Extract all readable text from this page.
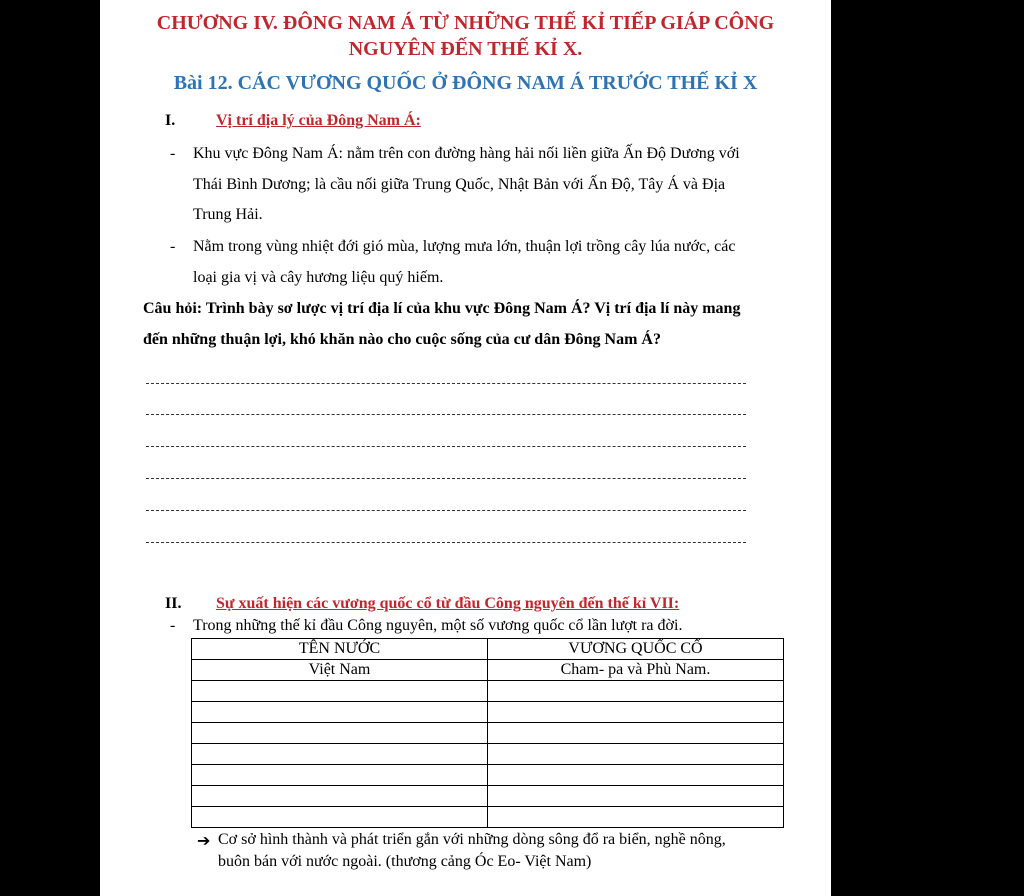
CHƯƠNG IV. ĐÔNG NAM Á TỪ NHỮNG THẾ KỈ TIẾP GIÁP CÔNG
NGUYÊN ĐẾN THẾ KỈ X.
Bài 12. CÁC VƯƠNG QUỐC Ở ĐÔNG NAM Á TRƯỚC THẾ KỈ X
I.	Vị trí địa lý của Đông Nam Á:
- Khu vực Đông Nam Á: nằm trên con đường hàng hải nối liền giữa Ấn Độ Dương với
Thái Bình Dương; là cầu nối giữa Trung Quốc, Nhật Bản với Ấn Độ, Tây Á và Địa
Trung Hải.
- Nằm trong vùng nhiệt đới gió mùa, lượng mưa lớn, thuận lợi trồng cây lúa nước, các
loại gia vị và cây hương liệu quý hiếm.
Câu hỏi: Trình bày sơ lược vị trí địa lí của khu vực Đông Nam Á? Vị trí địa lí này mang
đến những thuận lợi, khó khăn nào cho cuộc sống của cư dân Đông Nam Á?
II. Sự xuất hiện các vương quốc cổ từ đầu Công nguyên đến thế kỉ VII:
- Trong những thế kỉ đầu Công nguyên, một số vương quốc cổ lần lượt ra đời.
TÊN NƯỚC	VƯƠNG QUỐC CỔ
Việt Nam	Cham- pa và Phù Nam.

➔ Cơ sở hình thành và phát triển gắn với những dòng sông đổ ra biển, nghề nông,
buôn bán với nước ngoài. (thương cảng Óc Eo- Việt Nam)
